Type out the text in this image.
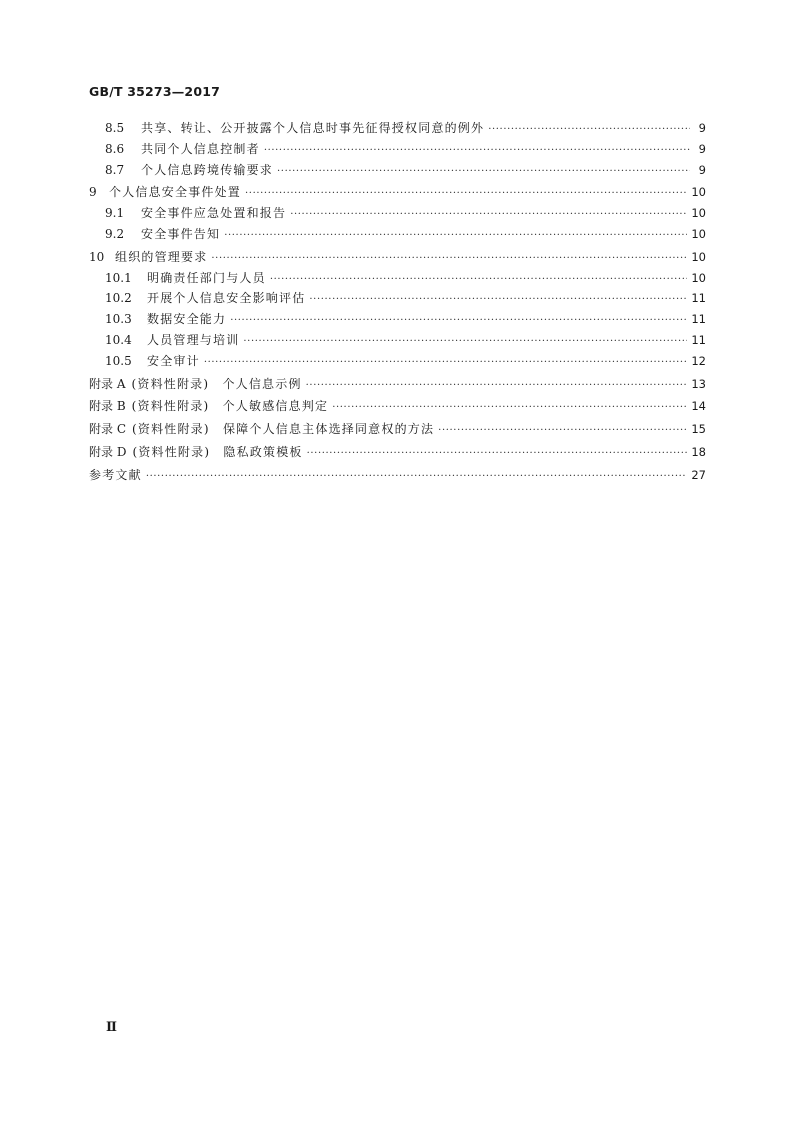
GB/T 35273—2017
8.5	共享、转让、公开披露个人信息时事先征得授权同意的例外 ·····	9
8.6	共同个人信息控制者 ·····	9
8.7	个人信息跨境传输要求 ·····	9
9	个人信息安全事件处置 ·····	10
9.1	安全事件应急处置和报告 ·····	10
9.2	安全事件告知 ·····	10
10 组织的管理要求 ·····	10
10.1	明确责任部门与人员 ·····	10
10.2	开展个人信息安全影响评估 ·····	11
10.3	数据安全能力 ·····	11
10.4	人员管理与培训 ·····	11
10.5	安全审计 ·····	12
附录 A (资料性附录)　个人信息示例 ·····	13
附录 B (资料性附录)　个人敏感信息判定 ·····	14
附录 C (资料性附录)　保障个人信息主体选择同意权的方法 ·····	15
附录 D (资料性附录)　隐私政策模板 ·····	18
参考文献 ·····	27
Ⅱ
